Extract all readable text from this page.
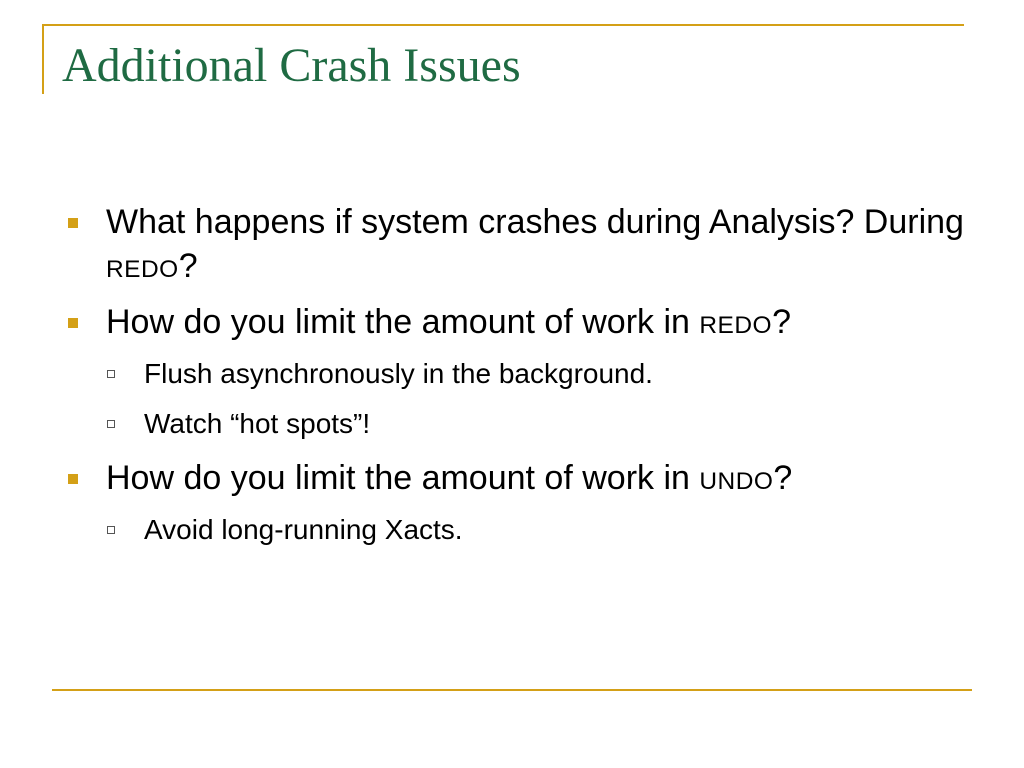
Additional Crash Issues
What happens if system crashes during Analysis? During REDO?
How do you limit the amount of work in REDO?
Flush asynchronously in the background.
Watch “hot spots”!
How do you limit the amount of work in UNDO?
Avoid long-running Xacts.
